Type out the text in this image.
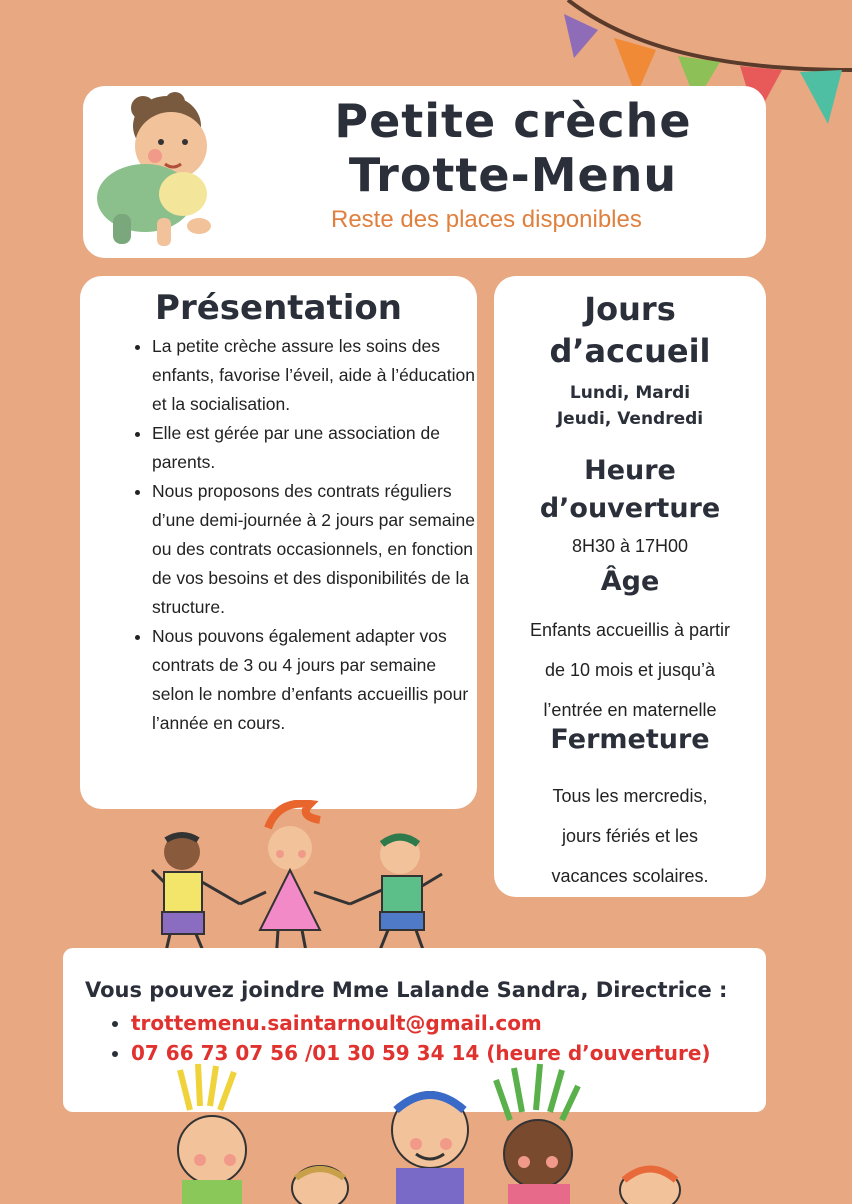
Petite crèche
Trotte-Menu
Reste des places disponibles
Présentation
• La petite crèche assure les soins des enfants, favorise l’éveil, aide à l’éducation et la socialisation.
• Elle est gérée par une association de parents.
• Nous proposons des contrats réguliers d’une demi-journée à 2 jours par semaine ou des contrats occasionnels, en fonction de vos besoins et des disponibilités de la structure.
• Nous pouvons également adapter vos contrats de 3 ou 4 jours par semaine selon le nombre d’enfants accueillis pour l’année en cours.
Jours
d’accueil
Lundi, Mardi
Jeudi, Vendredi
Heure
d’ouverture
8H30 à 17H00
Âge
Enfants accueillis à partir
de 10 mois et jusqu’à
l’entrée en maternelle
Fermeture
Tous les mercredis,
jours fériés et les
vacances scolaires.
Vous pouvez joindre Mme Lalande Sandra, Directrice :
• trottemenu.saintarnoult@gmail.com
• 07 66 73 07 56 /01 30 59 34 14 (heure d’ouverture)
